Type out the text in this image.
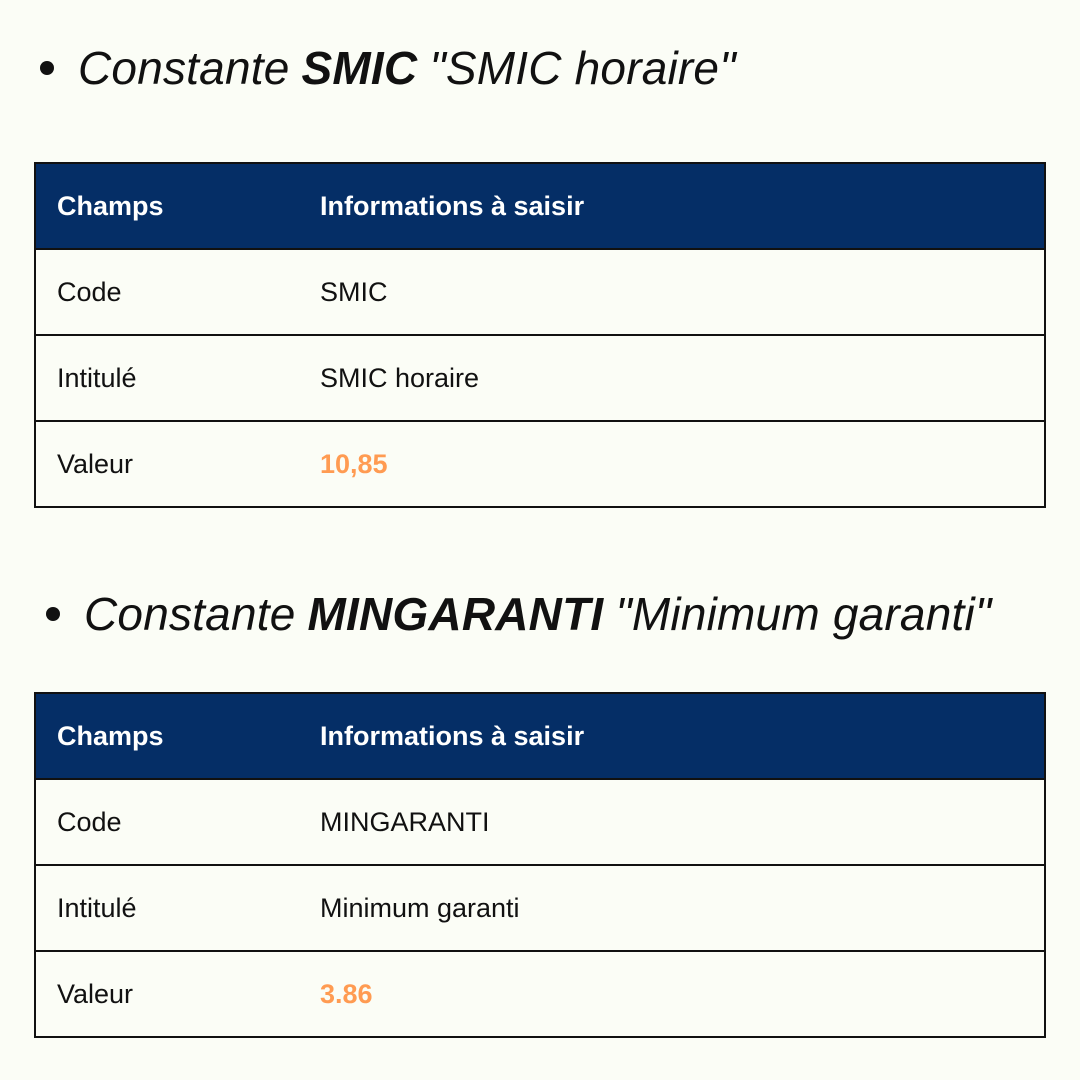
Constante SMIC "SMIC horaire"
Champs	Informations à saisir
Code	SMIC
Intitulé	SMIC horaire
Valeur	10,85
Constante MINGARANTI "Minimum garanti"
Champs	Informations à saisir
Code	MINGARANTI
Intitulé	Minimum garanti
Valeur	3.86
